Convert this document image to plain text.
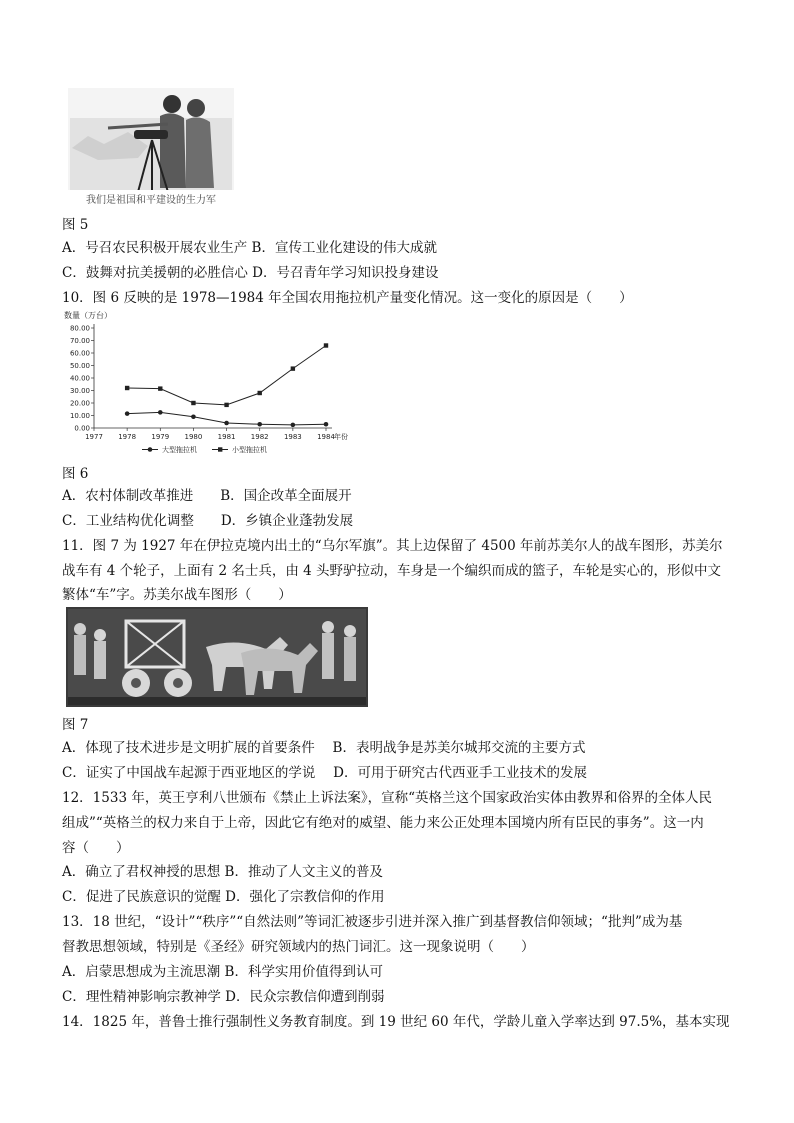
我们是祖国和平建设的生力军
图 5
A．号召农民积极开展农业生产 B．宣传工业化建设的伟大成就
C．鼓舞对抗美援朝的必胜信心 D．号召青年学习知识投身建设
10．图 6 反映的是 1978—1984 年全国农用拖拉机产量变化情况。这一变化的原因是（　　）
数量（万台）
0.00
10.00
20.00
30.00
40.00
50.00
60.00
70.00
80.00
1977 1978 1979 1980 1981 1982 1983 1984 年份
大型拖拉机	小型拖拉机
图 6
A．农村体制改革推进　　B．国企改革全面展开
C．工业结构优化调整　　D．乡镇企业蓬勃发展
11．图 7 为 1927 年在伊拉克境内出土的“乌尔军旗”。其上边保留了 4500 年前苏美尔人的战车图形，苏美尔
战车有 4 个轮子，上面有 2 名士兵，由 4 头野驴拉动，车身是一个编织而成的篮子，车轮是实心的，形似中文
繁体“车”字。苏美尔战车图形（　　）
图 7
A．体现了技术进步是文明扩展的首要条件　 B．表明战争是苏美尔城邦交流的主要方式
C．证实了中国战车起源于西亚地区的学说　 D．可用于研究古代西亚手工业技术的发展
12．1533 年，英王亨利八世颁布《禁止上诉法案》，宣称“英格兰这个国家政治实体由教界和俗界的全体人民
组成”“英格兰的权力来自于上帝，因此它有绝对的威望、能力来公正处理本国境内所有臣民的事务”。这一内
容（　　）
A．确立了君权神授的思想 B．推动了人文主义的普及
C．促进了民族意识的觉醒 D．强化了宗教信仰的作用
13．18 世纪，“设计”“秩序”“自然法则”等词汇被逐步引进并深入推广到基督教信仰领域；“批判”成为基
督教思想领域，特别是《圣经》研究领域内的热门词汇。这一现象说明（　　）
A．启蒙思想成为主流思潮 B．科学实用价值得到认可
C．理性精神影响宗教神学 D．民众宗教信仰遭到削弱
14．1825 年，普鲁士推行强制性义务教育制度。到 19 世纪 60 年代，学龄儿童入学率达到 97.5%，基本实现
